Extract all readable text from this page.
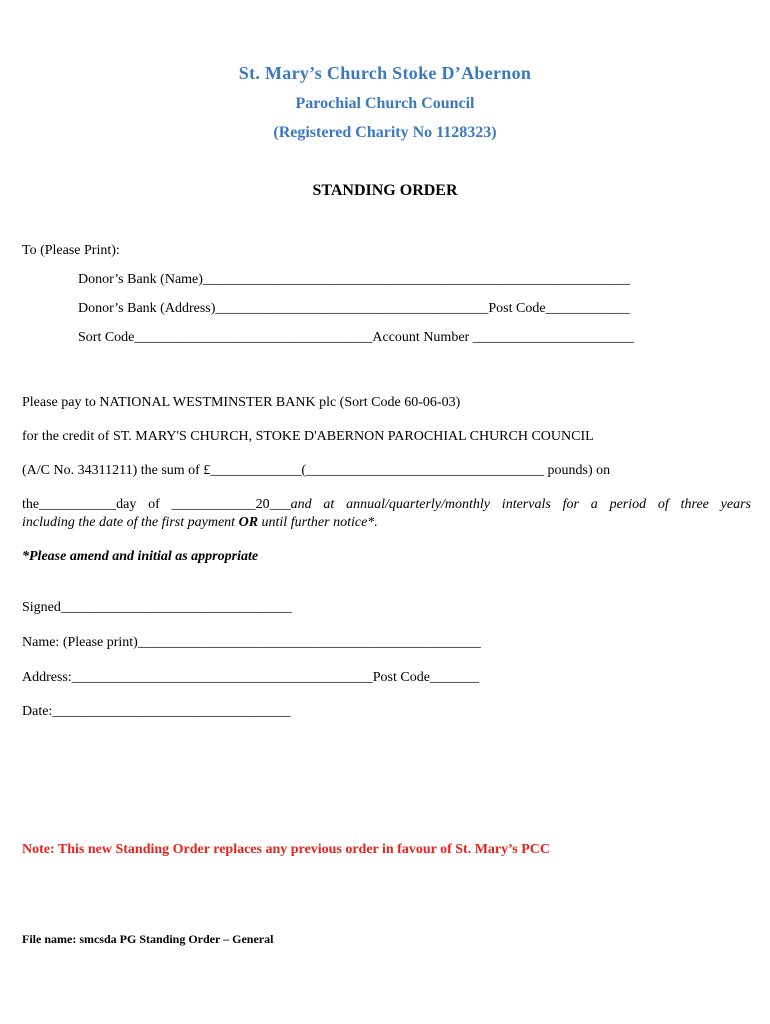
St. Mary’s Church Stoke D’Abernon
Parochial Church Council
(Registered Charity No 1128323)
STANDING ORDER
To (Please Print):
Donor’s Bank (Name)_____________________________________________________________
Donor’s Bank (Address)_______________________________________Post Code____________
Sort Code__________________________________Account Number _______________________
Please pay to NATIONAL WESTMINSTER BANK plc (Sort Code 60-06-03)
for the credit of ST. MARY'S CHURCH, STOKE D'ABERNON PAROCHIAL CHURCH COUNCIL
(A/C No. 34311211) the sum of £_____________(__________________________________ pounds) on
the___________day of ____________20___and at annual/quarterly/monthly intervals for a period of three years
including the date of the first payment OR until further notice*.
*Please amend and initial as appropriate
Signed_________________________________
Name: (Please print)_________________________________________________
Address:___________________________________________Post Code_______
Date:__________________________________
Note: This new Standing Order replaces any previous order in favour of St. Mary’s PCC
File name: smcsda PG Standing Order – General
